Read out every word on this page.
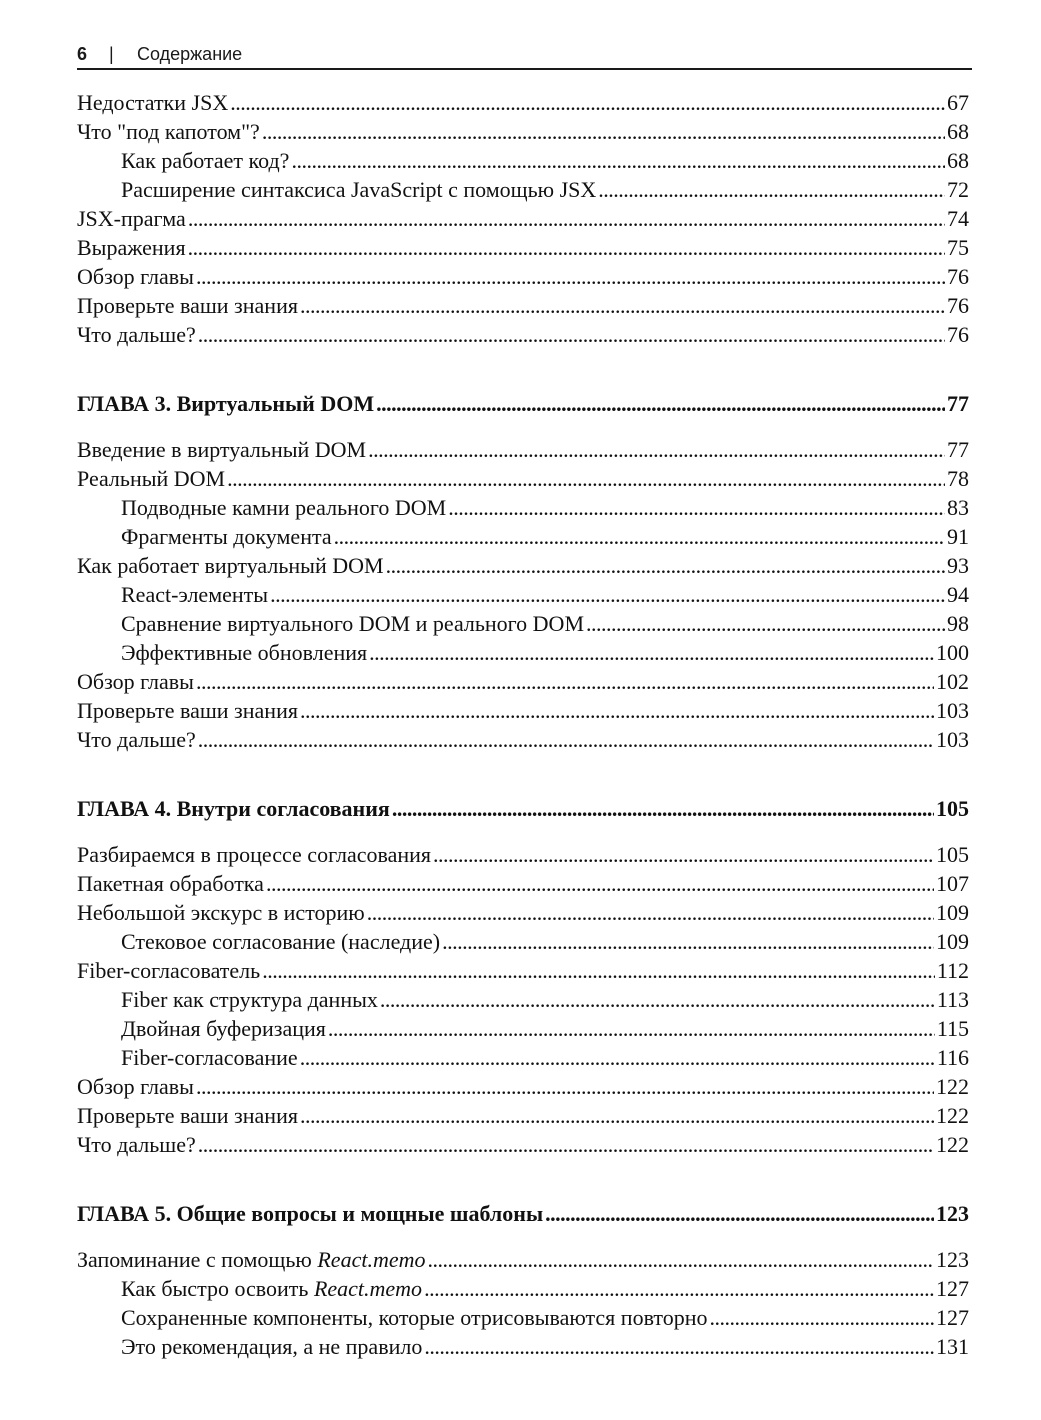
6 | Содержание
Недостатки JSX . . .	67
Что "под капотом"? . . .	68
Как работает код? . . .	68
Расширение синтаксиса JavaScript с помощью JSX . . .	72
JSX-прагма . . .	74
Выражения . . .	75
Обзор главы . . .	76
Проверьте ваши знания . . .	76
Что дальше? . . .	76
ГЛАВА 3. Виртуальный DOM . . .	77
Введение в виртуальный DOM . . .	77
Реальный DOM . . .	78
Подводные камни реального DOM . . .	83
Фрагменты документа . . .	91
Как работает виртуальный DOM . . .	93
React-элементы . . .	94
Сравнение виртуального DOM и реального DOM . . .	98
Эффективные обновления . . .	100
Обзор главы . . .	102
Проверьте ваши знания . . .	103
Что дальше? . . .	103
ГЛАВА 4. Внутри согласования . . .	105
Разбираемся в процессе согласования . . .	105
Пакетная обработка . . .	107
Небольшой экскурс в историю . . .	109
Стековое согласование (наследие) . . .	109
Fiber-согласователь . . .	112
Fiber как структура данных . . .	113
Двойная буферизация . . .	115
Fiber-согласование . . .	116
Обзор главы . . .	122
Проверьте ваши знания . . .	122
Что дальше? . . .	122
ГЛАВА 5. Общие вопросы и мощные шаблоны . . .	123
Запоминание с помощью React.memo . . .	123
Как быстро освоить React.memo . . .	127
Сохраненные компоненты, которые отрисовываются повторно . . .	127
Это рекомендация, а не правило . . .	131
